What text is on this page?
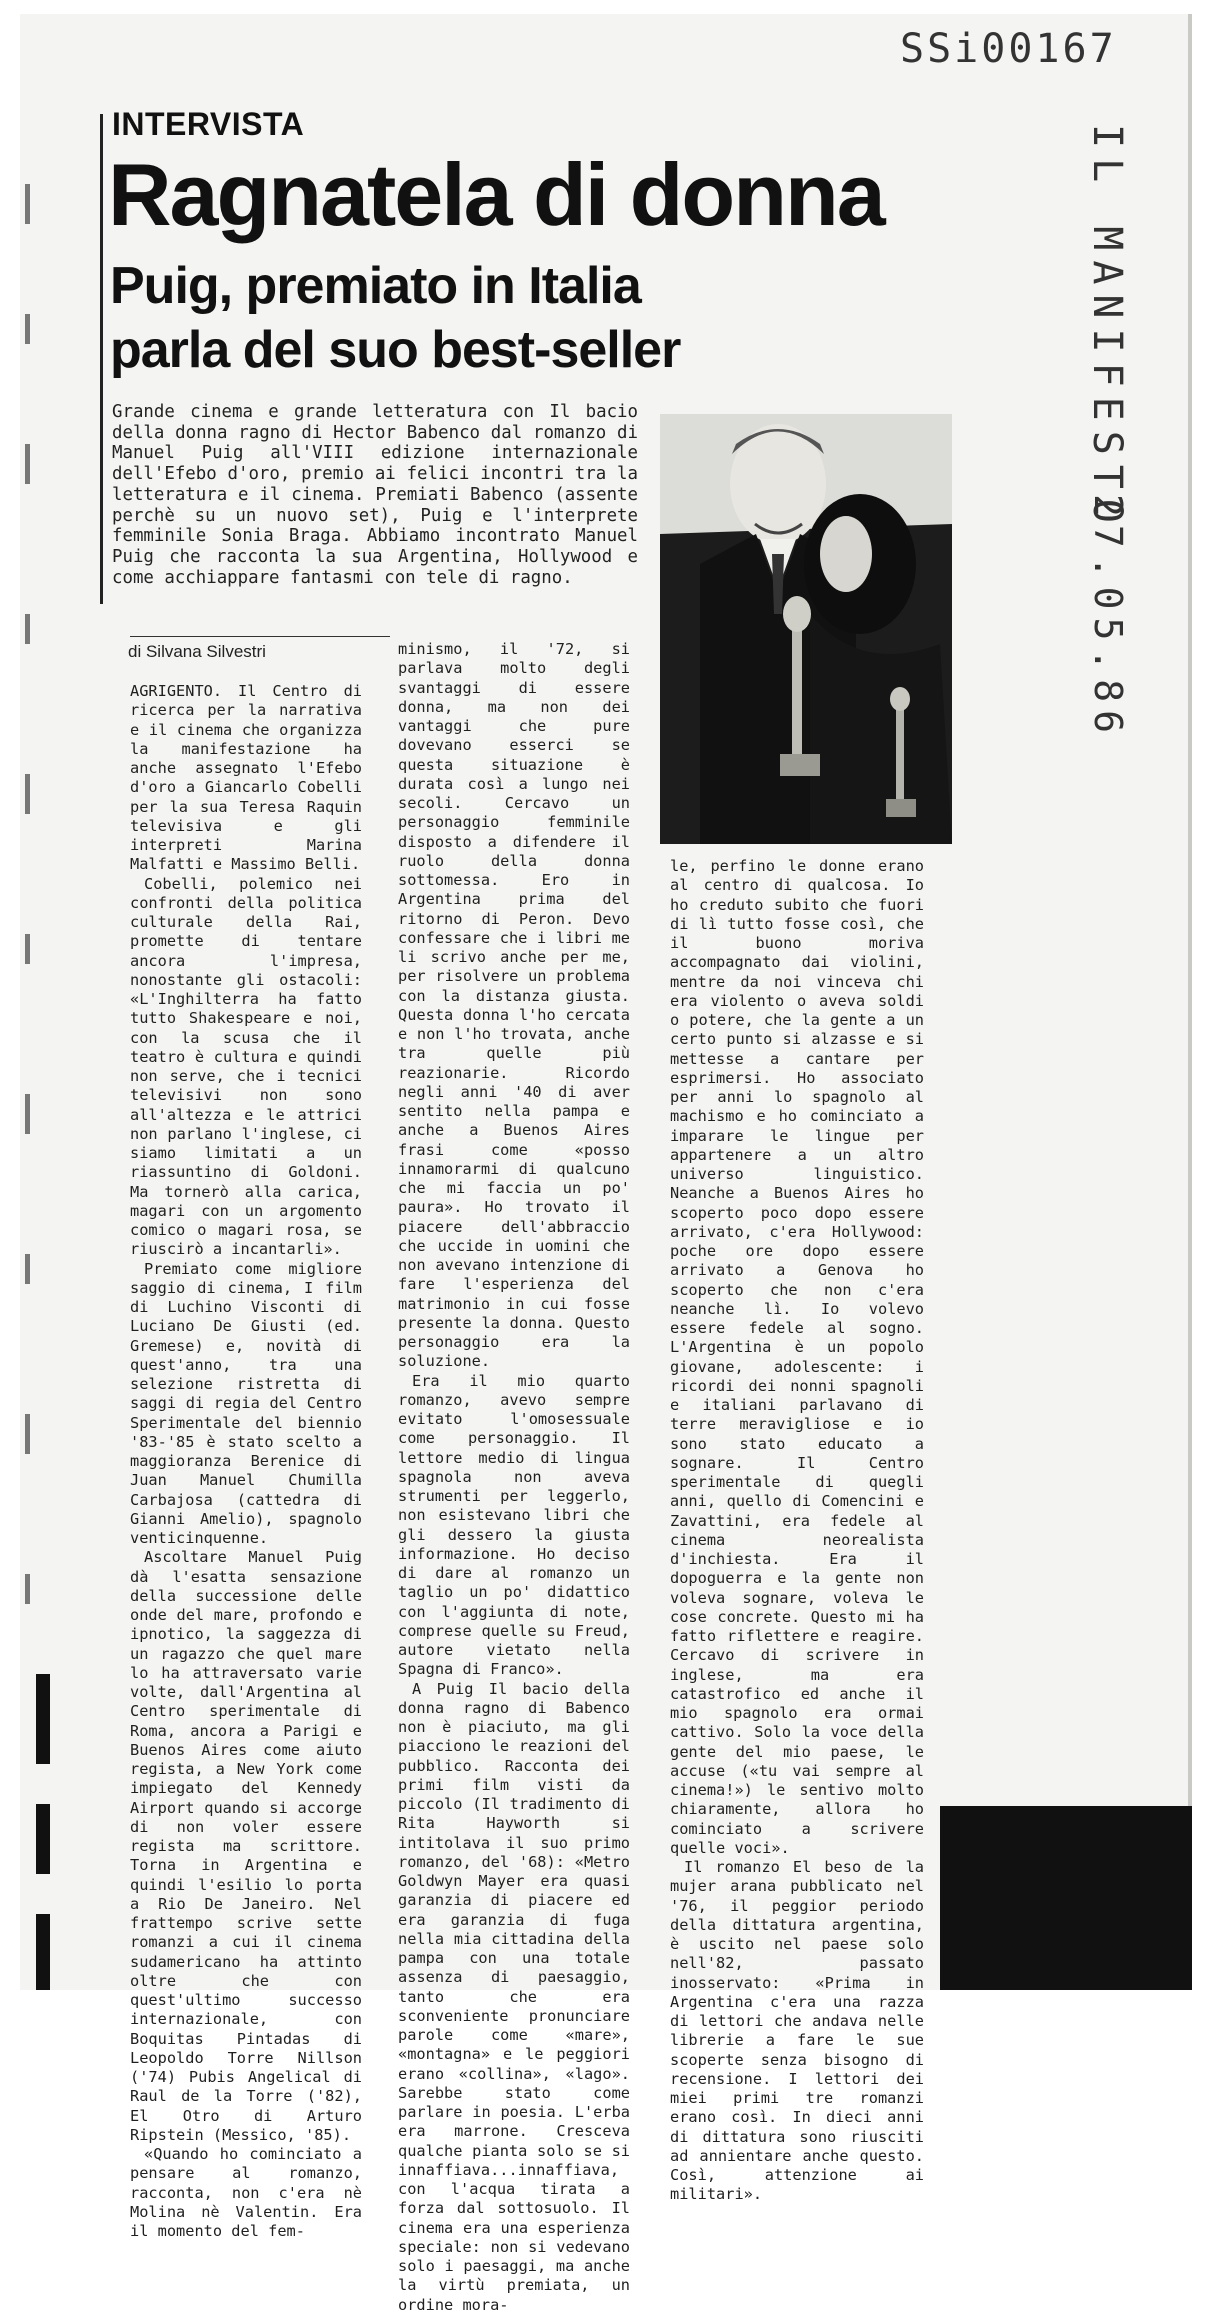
SSi00167
IL MANIFESTO
27.05.86
INTERVISTA
Ragnatela di donna
Puig, premiato in Italia parla del suo best-seller
Grande cinema e grande letteratura con Il bacio della donna ragno di Hector Babenco dal romanzo di Manuel Puig all'VIII edizione internazionale dell'Efebo d'oro, premio ai felici incontri tra la letteratura e il cinema. Premiati Babenco (assente perchè su un nuovo set), Puig e l'interprete femminile Sonia Braga. Abbiamo incontrato Manuel Puig che racconta la sua Argentina, Hollywood e come acchiappare fantasmi con tele di ragno.
di Silvana Silvestri

AGRIGENTO. Il Centro di ricerca per la narrativa e il cinema che organizza la manifestazione ha anche assegnato l'Efebo d'oro a Giancarlo Cobelli per la sua Teresa Raquin televisiva e gli interpreti Marina Malfatti e Massimo Belli.

Cobelli, polemico nei confronti della politica culturale della Rai, promette di tentare ancora l'impresa, nonostante gli ostacoli: «L'Inghilterra ha fatto tutto Shakespeare e noi, con la scusa che il teatro è cultura e quindi non serve, che i tecnici televisivi non sono all'altezza e le attrici non parlano l'inglese, ci siamo limitati a un riassuntino di Goldoni. Ma tornerò alla carica, magari con un argomento comico o magari rosa, se riuscirò a incantarli».

Premiato come migliore saggio di cinema, I film di Luchino Visconti di Luciano De Giusti (ed. Gremese) e, novità di quest'anno, tra una selezione ristretta di saggi di regia del Centro Sperimentale del biennio '83-'85 è stato scelto a maggioranza Berenice di Juan Manuel Chumilla Carbajosa (cattedra di Gianni Amelio), spagnolo venticinquenne.

Ascoltare Manuel Puig dà l'esatta sensazione della successione delle onde del mare, profondo e ipnotico, la saggezza di un ragazzo che quel mare lo ha attraversato varie volte, dall'Argentina al Centro sperimentale di Roma, ancora a Parigi e Buenos Aires come aiuto regista, a New York come impiegato del Kennedy Airport quando si accorge di non voler essere regista ma scrittore. Torna in Argentina e quindi l'esilio lo porta a Rio De Janeiro. Nel frattempo scrive sette romanzi a cui il cinema sudamericano ha attinto oltre che con quest'ultimo successo internazionale, con Boquitas Pintadas di Leopoldo Torre Nillson ('74) Pubis Angelical di Raul de la Torre ('82), El Otro di Arturo Ripstein (Messico, '85).

«Quando ho cominciato a pensare al romanzo, racconta, non c'era nè Molina nè Valentin. Era il momento del fem-

minismo, il '72, si parlava molto degli svantaggi di essere donna, ma non dei vantaggi che pure dovevano esserci se questa situazione è durata così a lungo nei secoli. Cercavo un personaggio femminile disposto a difendere il ruolo della donna sottomessa. Ero in Argentina prima del ritorno di Peron. Devo confessare che i libri me li scrivo anche per me, per risolvere un problema con la distanza giusta. Questa donna l'ho cercata e non l'ho trovata, anche tra quelle più reazionarie. Ricordo negli anni '40 di aver sentito nella pampa e anche a Buenos Aires frasi come «posso innamorarmi di qualcuno che mi faccia un po' paura». Ho trovato il piacere dell'abbraccio che uccide in uomini che non avevano intenzione di fare l'esperienza del matrimonio in cui fosse presente la donna. Questo personaggio era la soluzione.

Era il mio quarto romanzo, avevo sempre evitato l'omosessuale come personaggio. Il lettore medio di lingua spagnola non aveva strumenti per leggerlo, non esistevano libri che gli dessero la giusta informazione. Ho deciso di dare al romanzo un taglio un po' didattico con l'aggiunta di note, comprese quelle su Freud, autore vietato nella Spagna di Franco».

A Puig Il bacio della donna ragno di Babenco non è piaciuto, ma gli piacciono le reazioni del pubblico. Racconta dei primi film visti da piccolo (Il tradimento di Rita Hayworth si intitolava il suo primo romanzo, del '68): «Metro Goldwyn Mayer era quasi garanzia di piacere ed era garanzia di fuga nella mia cittadina della pampa con una totale assenza di paesaggio, tanto che era sconveniente pronunciare parole come «mare», «montagna» e le peggiori erano «collina», «lago». Sarebbe stato come parlare in poesia. L'erba era marrone. Cresceva qualche pianta solo se si innaffiava...innaffiava, con l'acqua tirata a forza dal sottosuolo. Il cinema era una esperienza speciale: non si vedevano solo i paesaggi, ma anche la virtù premiata, un ordine mora-

le, perfino le donne erano al centro di qualcosa. Io ho creduto subito che fuori di lì tutto fosse così, che il buono moriva accompagnato dai violini, mentre da noi vinceva chi era violento o aveva soldi o potere, che la gente a un certo punto si alzasse e si mettesse a cantare per esprimersi. Ho associato per anni lo spagnolo al machismo e ho cominciato a imparare le lingue per appartenere a un altro universo linguistico. Neanche a Buenos Aires ho scoperto poco dopo essere arrivato, c'era Hollywood: poche ore dopo essere arrivato a Genova ho scoperto che non c'era neanche lì. Io volevo essere fedele al sogno. L'Argentina è un popolo giovane, adolescente: i ricordi dei nonni spagnoli e italiani parlavano di terre meravigliose e io sono stato educato a sognare. Il Centro sperimentale di quegli anni, quello di Comencini e Zavattini, era fedele al cinema neorealista d'inchiesta. Era il dopoguerra e la gente non voleva sognare, voleva le cose concrete. Questo mi ha fatto riflettere e reagire. Cercavo di scrivere in inglese, ma era catastrofico ed anche il mio spagnolo era ormai cattivo. Solo la voce della gente del mio paese, le accuse («tu vai sempre al cinema!») le sentivo molto chiaramente, allora ho cominciato a scrivere quelle voci».

Il romanzo El beso de la mujer arana pubblicato nel '76, il peggior periodo della dittatura argentina, è uscito nel paese solo nell'82, passato inosservato: «Prima in Argentina c'era una razza di lettori che andava nelle librerie a fare le sue scoperte senza bisogno di recensione. I lettori dei miei primi tre romanzi erano così. In dieci anni di dittatura sono riusciti ad annientare anche questo. Così, attenzione ai militari».
